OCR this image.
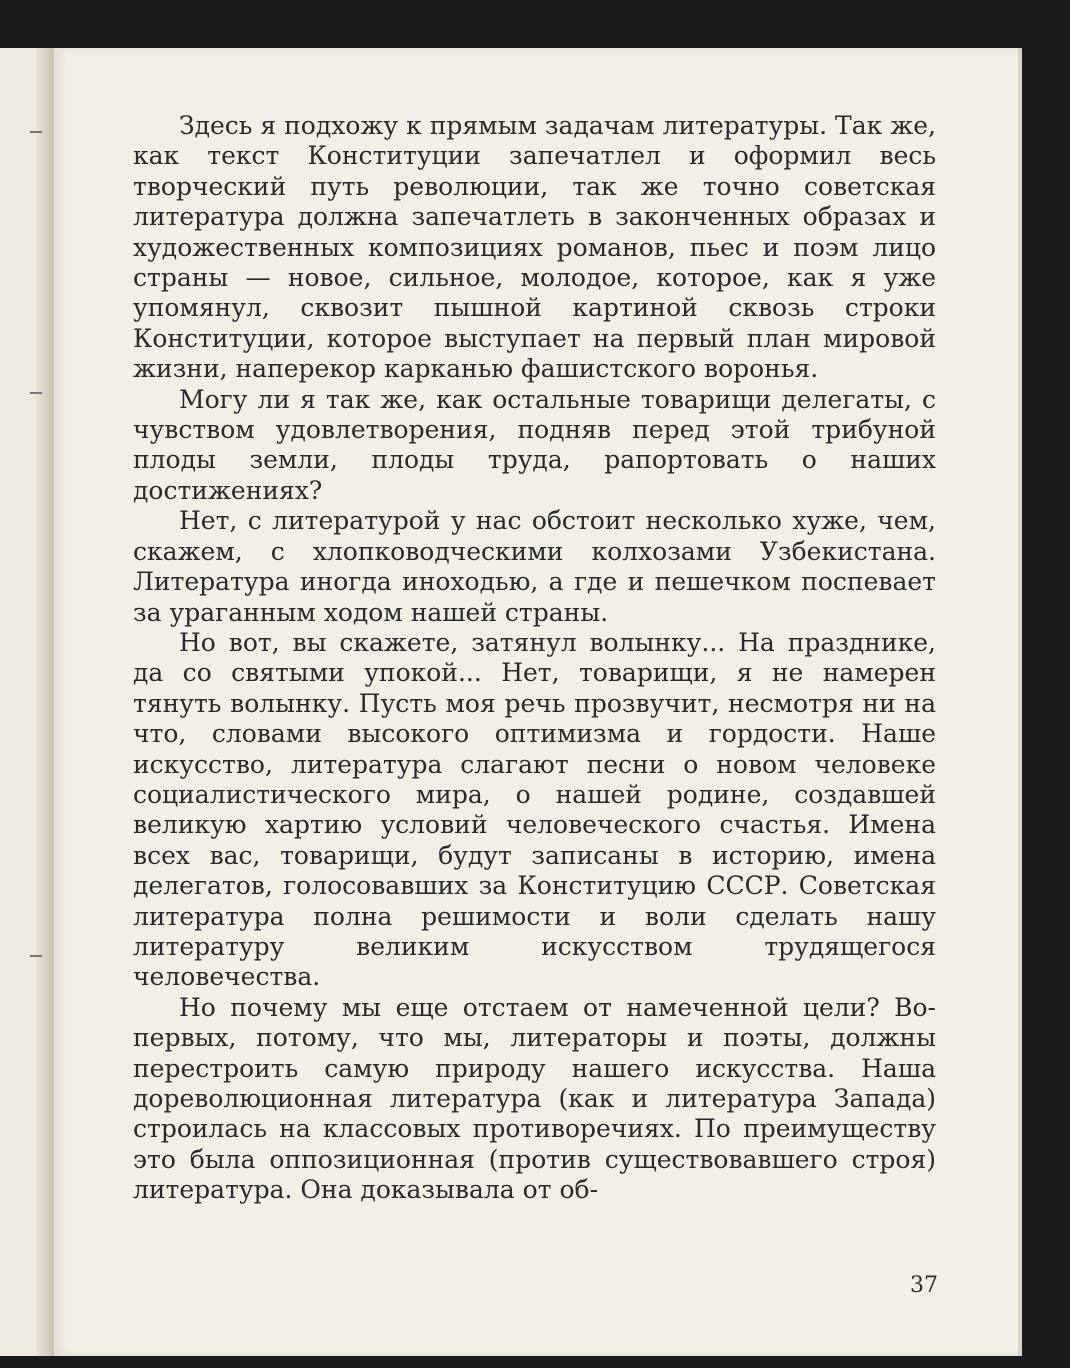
Здесь я подхожу к прямым задачам литературы. Так же, как текст Конституции запечатлел и оформил весь творческий путь революции, так же точно советская литература должна запечатлеть в законченных образах и художественных композициях романов, пьес и поэм лицо страны — новое, сильное, молодое, которое, как я уже упомянул, сквозит пышной картиной сквозь строки Конституции, которое выступает на первый план мировой жизни, наперекор карканью фашистского воронья.

Могу ли я так же, как остальные товарищи делегаты, с чувством удовлетворения, подняв перед этой трибуной плоды земли, плоды труда, рапортовать о наших достижениях?

Нет, с литературой у нас обстоит несколько хуже, чем, скажем, с хлопководческими колхозами Узбекистана. Литература иногда иноходью, а где и пешечком поспевает за ураганным ходом нашей страны.

Но вот, вы скажете, затянул волынку... На празднике, да со святыми упокой... Нет, товарищи, я не намерен тянуть волынку. Пусть моя речь прозвучит, несмотря ни на что, словами высокого оптимизма и гордости. Наше искусство, литература слагают песни о новом человеке социалистического мира, о нашей родине, создавшей великую хартию условий человеческого счастья. Имена всех вас, товарищи, будут записаны в историю, имена делегатов, голосовавших за Конституцию СССР. Советская литература полна решимости и воли сделать нашу литературу великим искусством трудящегося человечества.

Но почему мы еще отстаем от намеченной цели? Во-первых, потому, что мы, литераторы и поэты, должны перестроить самую природу нашего искусства. Наша дореволюционная литература (как и литература Запада) строилась на классовых противоречиях. По преимуществу это была оппозиционная (против существовавшего строя) литература. Она доказывала от об-

37
